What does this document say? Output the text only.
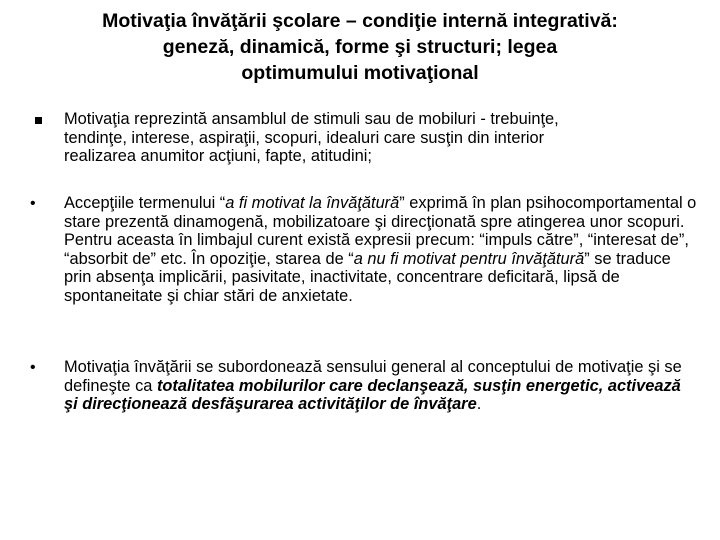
Motivaţia învăţării şcolare – condiţie internă integrativă:
geneză, dinamică, forme şi structuri; legea
optimumului motivaţional
Motivaţia reprezintă ansamblul de stimuli sau de mobiluri - trebuinţe,
tendinţe, interese, aspiraţii, scopuri, idealuri care susţin din interior
realizarea anumitor acţiuni, fapte, atitudini;
•	Accepţiile termenului “a fi motivat la învăţătură” exprimă în plan psihocomportamental o stare prezentă dinamogenă, mobilizatoare şi direcţionată spre atingerea unor scopuri. Pentru aceasta în limbajul curent există expresii precum: “impuls către”, “interesat de”, “absorbit de” etc. În opoziţie, starea de “a nu fi motivat pentru învăţătură” se traduce prin absenţa implicării, pasivitate, inactivitate, concentrare deficitară, lipsă de spontaneitate şi chiar stări de anxietate.
•	Motivaţia învăţării se subordonează sensului general al conceptului de motivaţie şi se defineşte ca totalitatea mobilurilor care declanşează, susţin energetic, activează şi direcţionează desfăşurarea activităţilor de învăţare.
